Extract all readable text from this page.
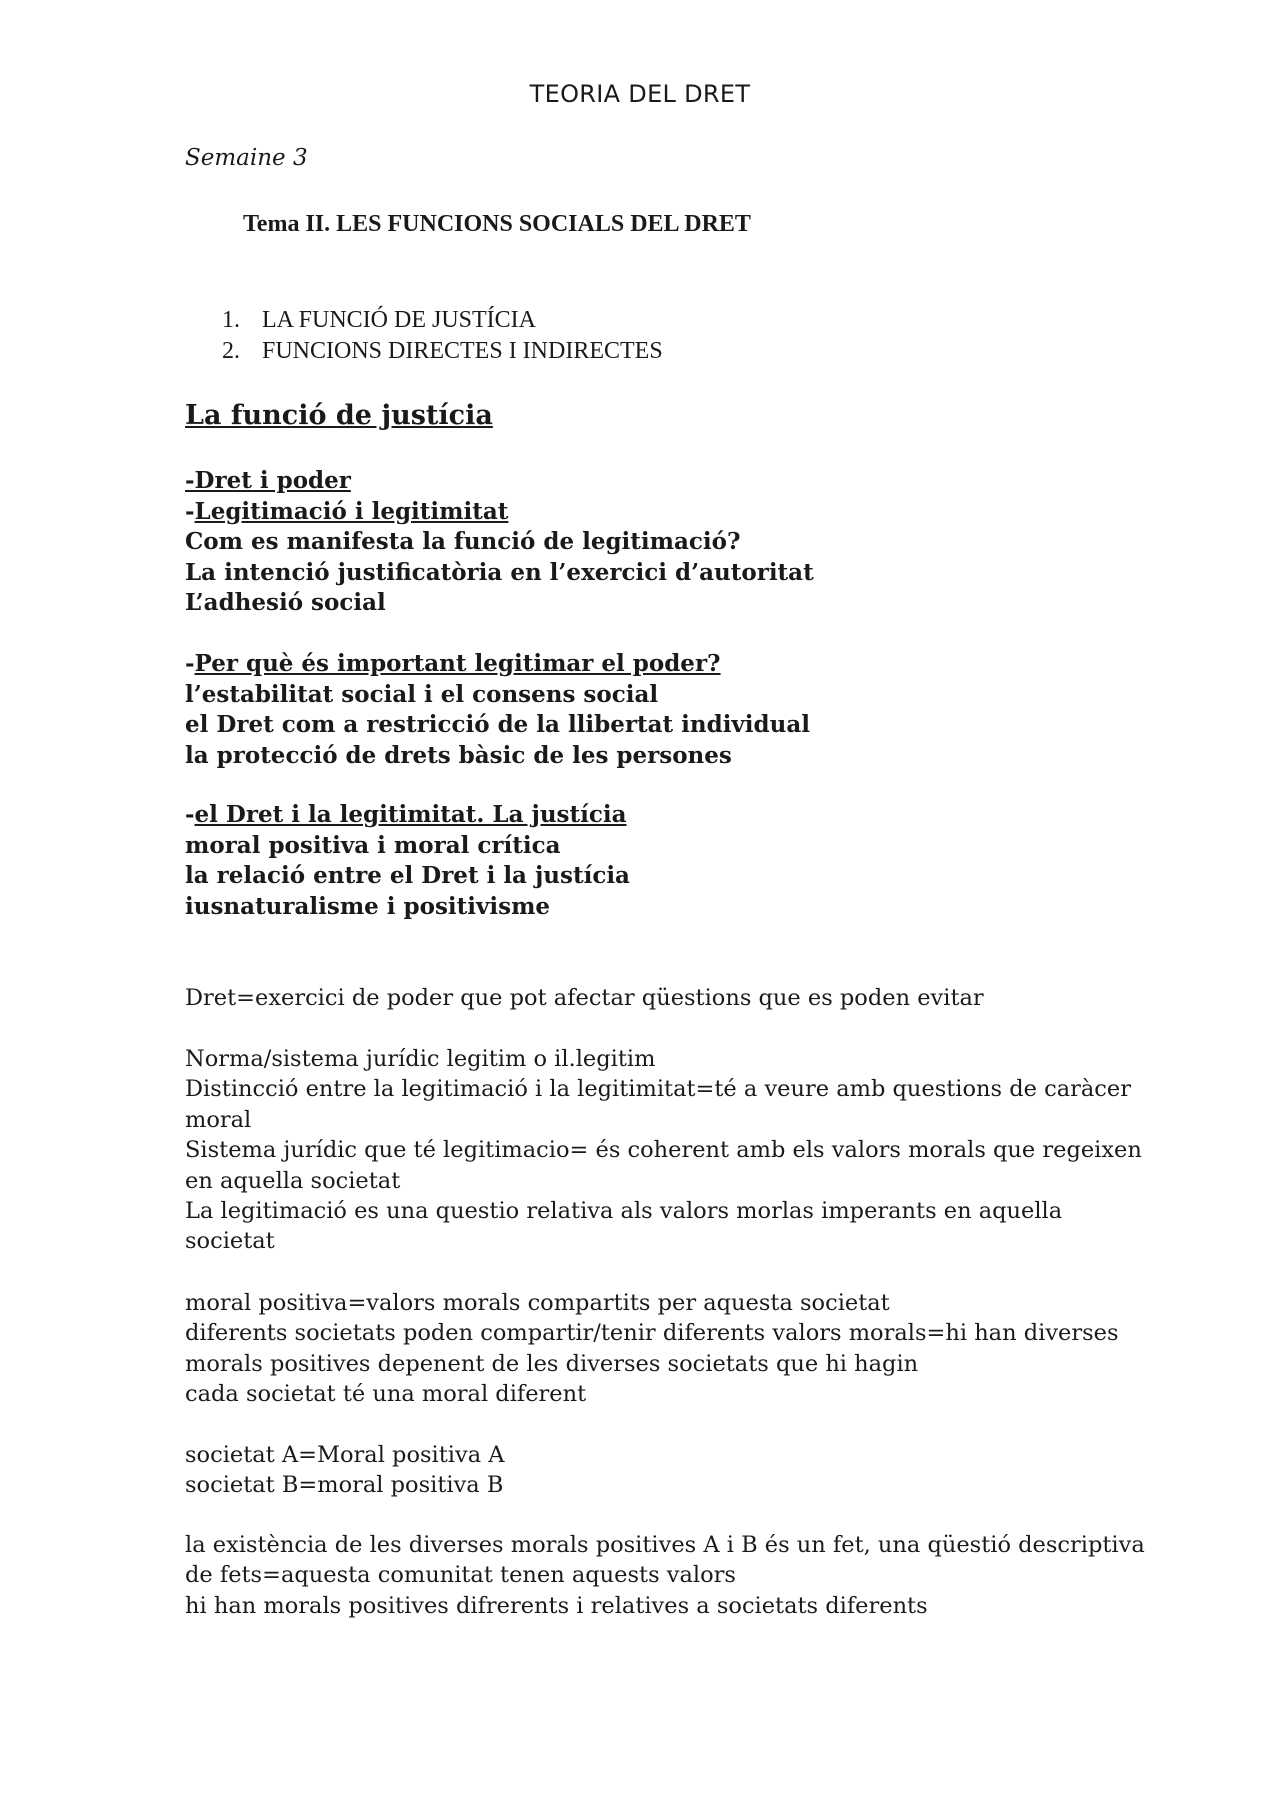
TEORIA DEL DRET
Semaine 3
Tema II. LES FUNCIONS SOCIALS DEL DRET
1. LA FUNCIÓ DE JUSTÍCIA
2. FUNCIONS DIRECTES I INDIRECTES
La funció de justícia
-Dret i poder
-Legitimació i legitimitat
Com es manifesta la funció de legitimació?
La intenció justificatòria en l’exercici d’autoritat
L’adhesió social
-Per què és important legitimar el poder?
l’estabilitat social i el consens social
el Dret com a restricció de la llibertat individual
la protecció de drets bàsic de les persones
-el Dret i la legitimitat. La justícia
moral positiva i moral crítica
la relació entre el Dret i la justícia
iusnaturalisme i positivisme
Dret=exercici de poder que pot afectar qüestions que es poden evitar
Norma/sistema jurídic legitim o il.legitim
Distincció entre la legitimació i la legitimitat=té a veure amb questions de caràcer
moral
Sistema jurídic que té legitimacio= és coherent amb els valors morals que regeixen
en aquella societat
La legitimació es una questio relativa als valors morlas imperants en aquella
societat
moral positiva=valors morals compartits per aquesta societat
diferents societats poden compartir/tenir diferents valors morals=hi han diverses
morals positives depenent de les diverses societats que hi hagin
cada societat té una moral diferent
societat A=Moral positiva A
societat B=moral positiva B
la existència de les diverses morals positives A i B és un fet, una qüestió descriptiva
de fets=aquesta comunitat tenen aquests valors
hi han morals positives difrerents i relatives a societats diferents
